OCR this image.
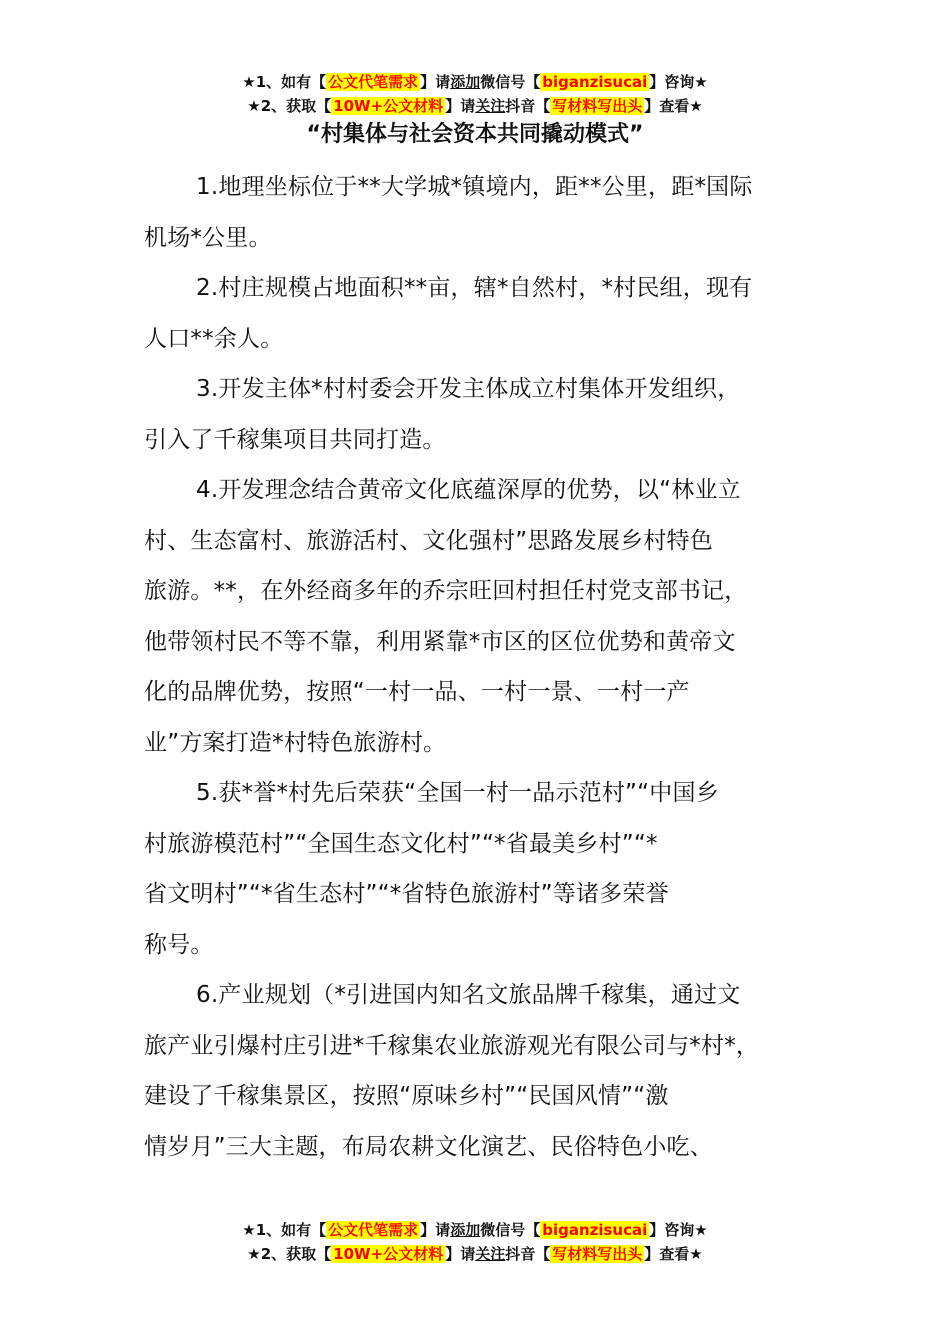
★1、如有【 公文代笔需求 】请添加微信号【 biganzisucai 】咨询★
★2、获取【 10W+公文材料 】请关注抖音【 写材料写出头 】查看★
“村集体与社会资本共同撬动模式”
1.地理坐标位于**大学城*镇境内，距**公里，距*国际
机场*公里。
2.村庄规模占地面积**亩，辖*自然村，*村民组，现有
人口**余人。
3.开发主体*村村委会开发主体成立村集体开发组织，
引入了千稼集项目共同打造。
4.开发理念结合黄帝文化底蕴深厚的优势，以“林业立
村、生态富村、旅游活村、文化强村”思路发展乡村特色
旅游。**，在外经商多年的乔宗旺回村担任村党支部书记，
他带领村民不等不靠，利用紧靠*市区的区位优势和黄帝文
化的品牌优势，按照“一村一品、一村一景、一村一产
业”方案打造*村特色旅游村。
5.获*誉*村先后荣获“全国一村一品示范村”“中国乡
村旅游模范村”“全国生态文化村”“*省最美乡村”“*
省文明村”“*省生态村”“*省特色旅游村”等诸多荣誉
称号。
6.产业规划（*引进国内知名文旅品牌千稼集，通过文
旅产业引爆村庄引进*千稼集农业旅游观光有限公司与*村*，
建设了千稼集景区，按照“原味乡村”“民国风情”“激
情岁月”三大主题，布局农耕文化演艺、民俗特色小吃、
★1、如有【 公文代笔需求 】请添加微信号【 biganzisucai 】咨询★
★2、获取【 10W+公文材料 】请关注抖音【 写材料写出头 】查看★
